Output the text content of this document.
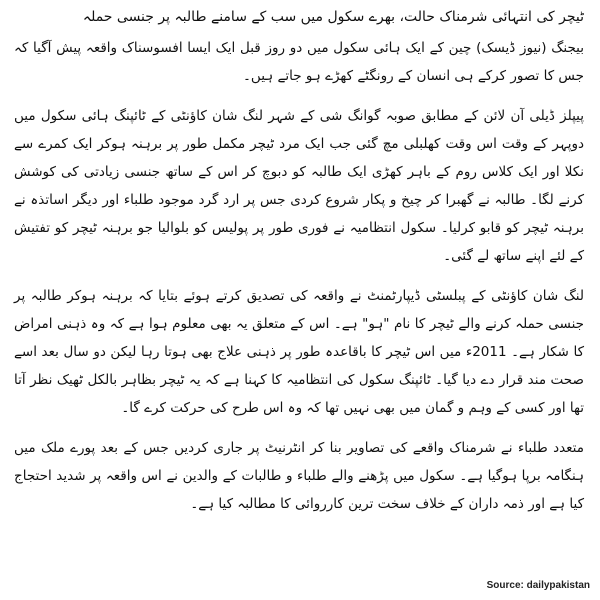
ٹیچر کی انتہائی شرمناک حالت، بھرے سکول میں سب کے سامنے طالبہ پر جنسی حملہ

بیجنگ (نیوز ڈیسک) چین کے ایک ہائی سکول میں دو روز قبل ایک ایسا افسوسناک واقعہ پیش آگیا کہ جس کا تصور کرکے ہی انسان کے رونگٹے کھڑے ہو جاتے ہیں۔

پیپلز ڈیلی آن لائن کے مطابق صوبہ گوانگ شی کے شہر لنگ شان کاؤنٹی کے ٹائپنگ ہائی سکول میں دوپہر کے وقت اس وقت کھلبلی مچ گئی جب ایک مرد ٹیچر مکمل طور پر برہنہ ہوکر ایک کمرے سے نکلا اور ایک کلاس روم کے باہر کھڑی ایک طالبہ کو دبوچ کر اس کے ساتھ جنسی زیادتی کی کوشش کرنے لگا۔ طالبہ نے گھبرا کر چیخ و پکار شروع کردی جس پر ارد گرد موجود طلباء اور دیگر اساتذہ نے برہنہ ٹیچر کو قابو کرلیا۔ سکول انتظامیہ نے فوری طور پر پولیس کو بلوالیا جو برہنہ ٹیچر کو تفتیش کے لئے اپنے ساتھ لے گئی۔

لنگ شان کاؤنٹی کے پبلسٹی ڈیپارٹمنٹ نے واقعہ کی تصدیق کرتے ہوئے بتایا کہ برہنہ ہوکر طالبہ پر جنسی حملہ کرنے والے ٹیچر کا نام "ہو" ہے۔ اس کے متعلق یہ بھی معلوم ہوا ہے کہ وہ ذہنی امراض کا شکار ہے۔ 2011ء میں اس ٹیچر کا باقاعدہ طور پر ذہنی علاج بھی ہوتا رہا لیکن دو سال بعد اسے صحت مند قرار دے دیا گیا۔ ٹائپنگ سکول کی انتظامیہ کا کہنا ہے کہ یہ ٹیچر بظاہر بالکل ٹھیک نظر آتا تھا اور کسی کے وہم و گمان میں بھی نہیں تھا کہ وہ اس طرح کی حرکت کرے گا۔

متعدد طلباء نے شرمناک واقعے کی تصاویر بنا کر انٹرنیٹ پر جاری کردیں جس کے بعد پورے ملک میں ہنگامہ برپا ہوگیا ہے۔ سکول میں پڑھنے والے طلباء و طالبات کے والدین نے اس واقعہ پر شدید احتجاج کیا ہے اور ذمہ داران کے خلاف سخت ترین کارروائی کا مطالبہ کیا ہے۔

Source: dailypakistan
